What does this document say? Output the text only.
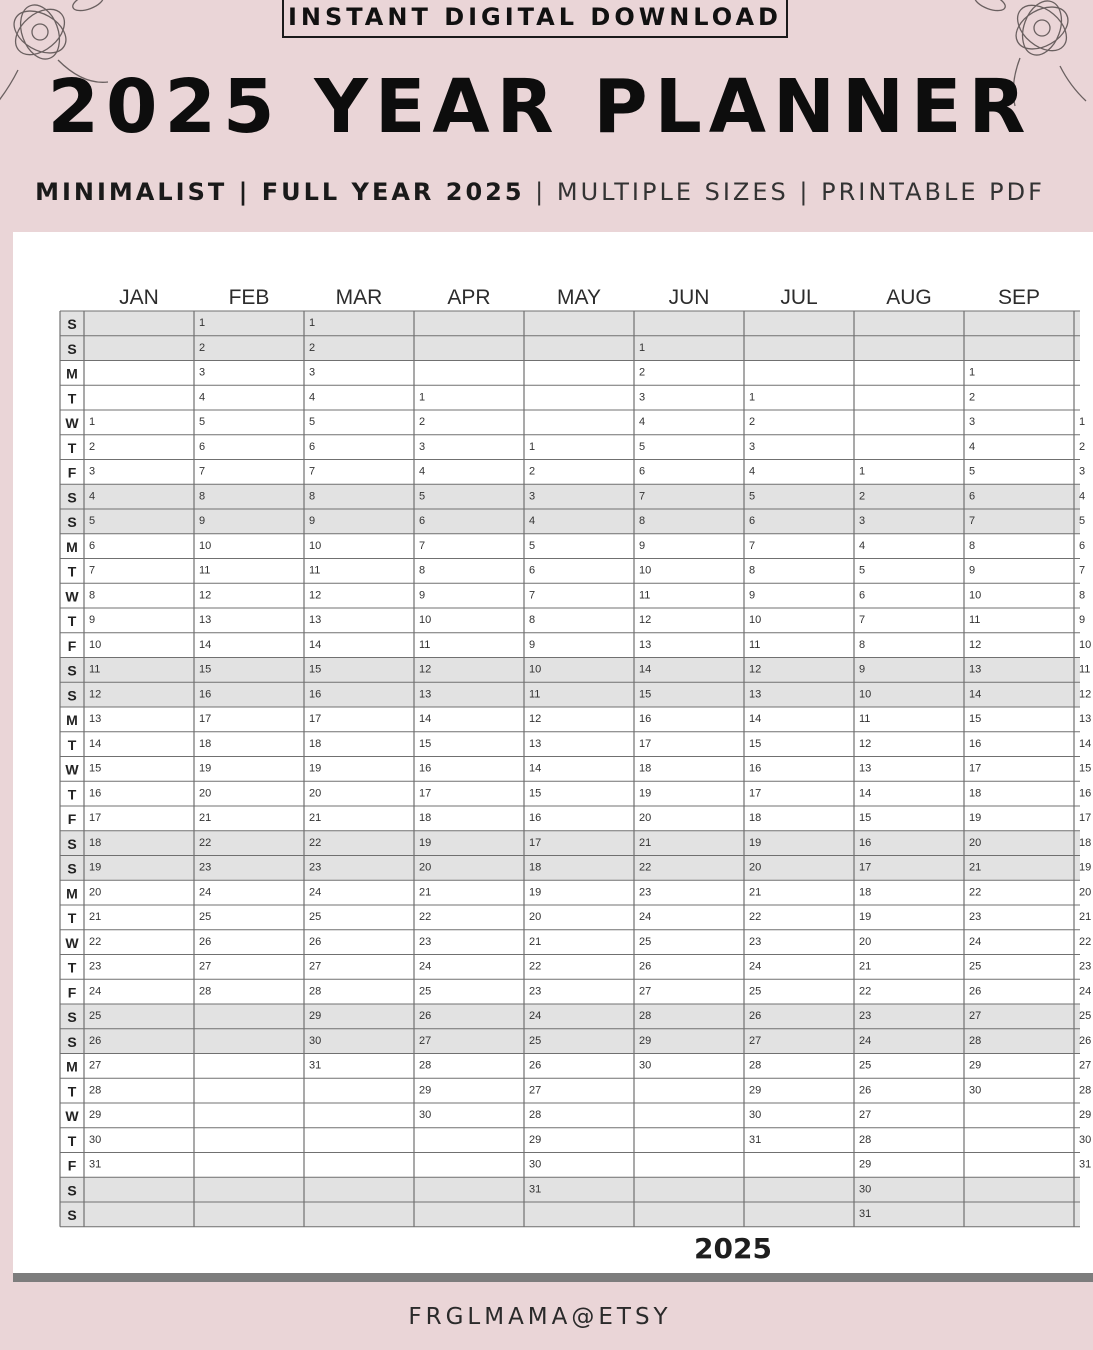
INSTANT DIGITAL DOWNLOAD
2025 YEAR PLANNER
MINIMALIST | FULL YEAR 2025 | MULTIPLE SIZES | PRINTABLE PDF
S
S
M
T
W
T
F
S
S
M
T
W
T
F
S
S
M
T
W
T
F
S
S
M
T
W
T
F
S
S
M
T
W
T
F
S
S
JAN
1
2
3
4
5
6
7
8
9
10
11
12
13
14
15
16
17
18
19
20
21
22
23
24
25
26
27
28
29
30
31
FEB
1
2
3
4
5
6
7
8
9
10
11
12
13
14
15
16
17
18
19
20
21
22
23
24
25
26
27
28
MAR
1
2
3
4
5
6
7
8
9
10
11
12
13
14
15
16
17
18
19
20
21
22
23
24
25
26
27
28
29
30
31
APR
1
2
3
4
5
6
7
8
9
10
11
12
13
14
15
16
17
18
19
20
21
22
23
24
25
26
27
28
29
30
MAY
1
2
3
4
5
6
7
8
9
10
11
12
13
14
15
16
17
18
19
20
21
22
23
24
25
26
27
28
29
30
31
JUN
1
2
3
4
5
6
7
8
9
10
11
12
13
14
15
16
17
18
19
20
21
22
23
24
25
26
27
28
29
30
JUL
1
2
3
4
5
6
7
8
9
10
11
12
13
14
15
16
17
18
19
20
21
22
23
24
25
26
27
28
29
30
31
AUG
1
2
3
4
5
6
7
8
9
10
11
12
13
14
15
16
17
18
19
20
21
22
23
24
25
26
27
28
29
30
31
SEP
1
2
3
4
5
6
7
8
9
10
11
12
13
14
15
16
17
18
19
20
21
22
23
24
25
26
27
28
29
30
1
2
3
4
5
6
7
8
9
10
11
12
13
14
15
16
17
18
19
20
21
22
23
24
25
26
27
28
29
30
31
2025
FRGLMAMA@ETSY
